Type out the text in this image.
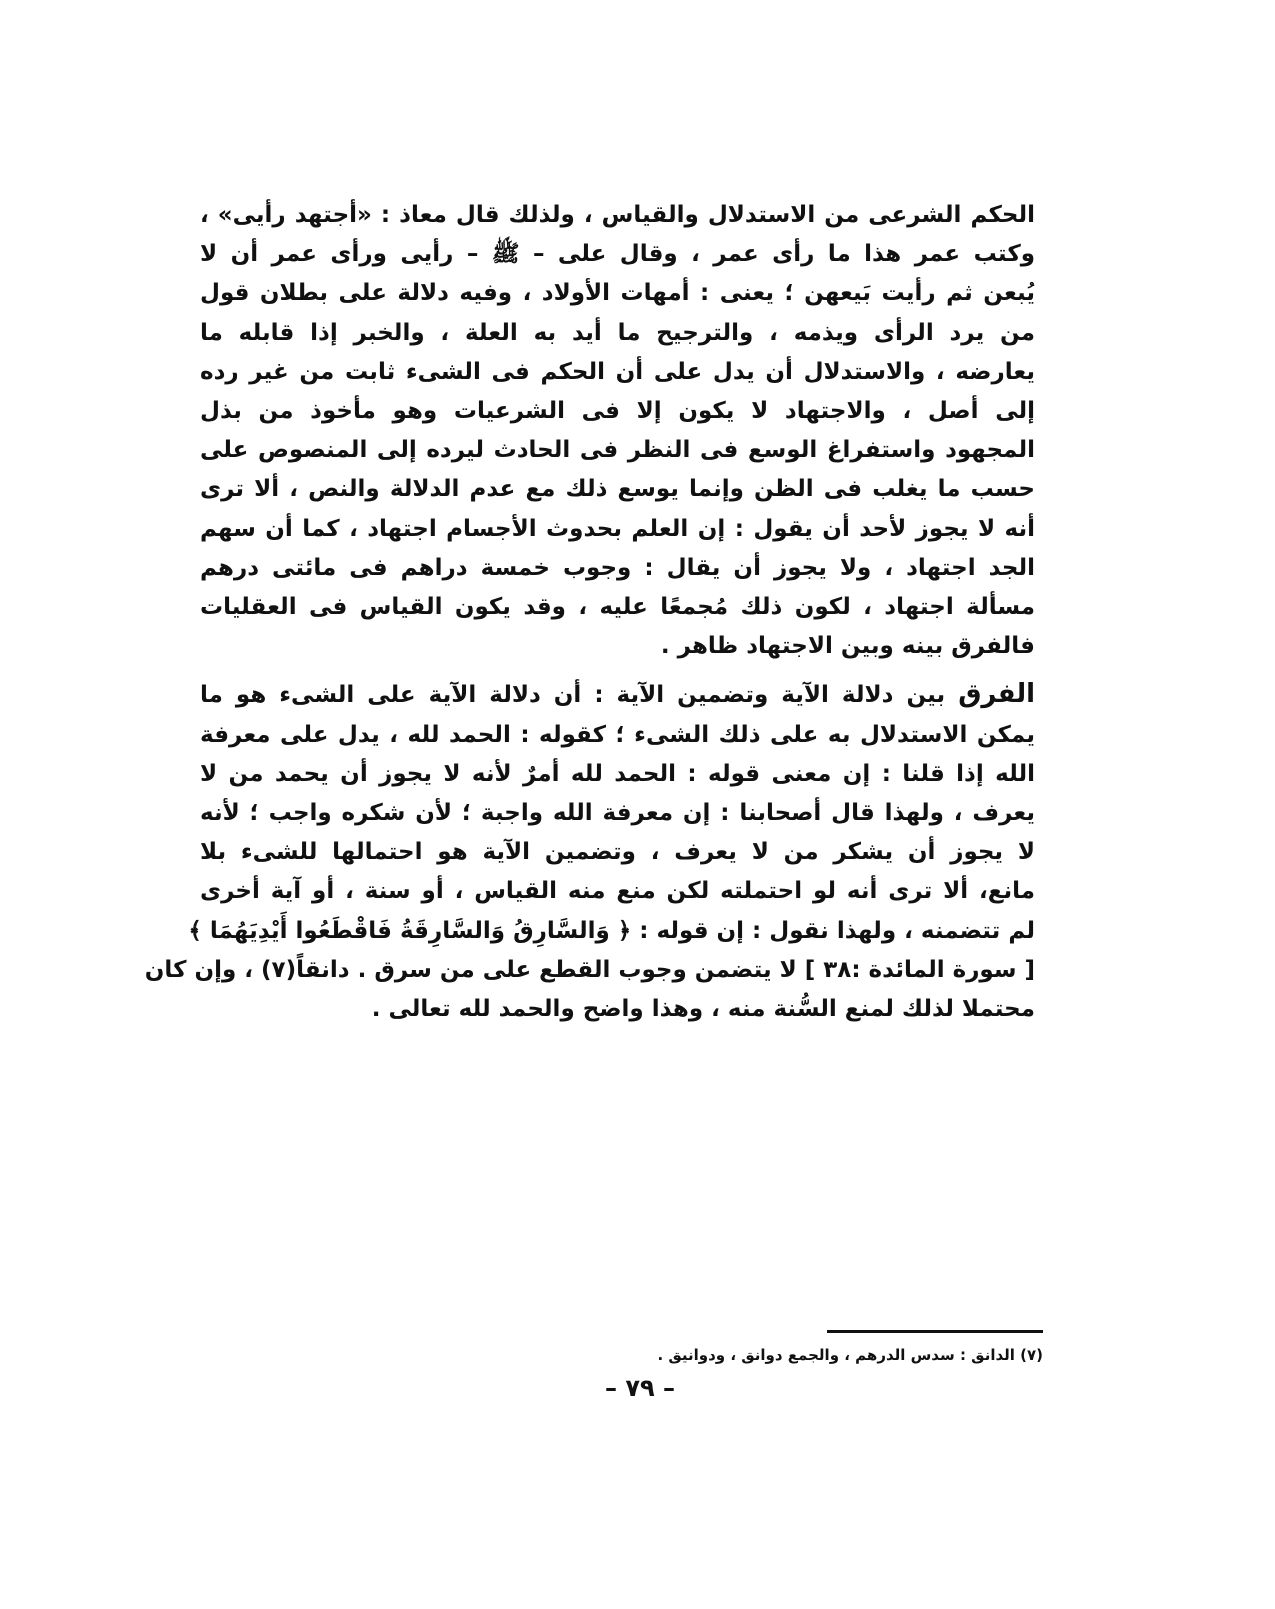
الحكم الشرعى من الاستدلال والقياس ، ولذلك قال معاذ : «أجتهد رأيى» ،
وكتب عمر هذا ما رأى عمر ، وقال على – ﷺ – رأيى ورأى عمر أن لا
يُبعن ثم رأيت بَيعهن ؛ يعنى : أمهات الأولاد ، وفيه دلالة على بطلان قول
من يرد الرأى ويذمه ، والترجيح ما أيد به العلة ، والخبر إذا قابله ما
يعارضه ، والاستدلال أن يدل على أن الحكم فى الشىء ثابت من غير رده
إلى أصل ، والاجتهاد لا يكون إلا فى الشرعيات وهو مأخوذ من بذل
المجهود واستفراغ الوسع فى النظر فى الحادث ليرده إلى المنصوص على
حسب ما يغلب فى الظن وإنما يوسع ذلك مع عدم الدلالة والنص ، ألا ترى
أنه لا يجوز لأحد أن يقول : إن العلم بحدوث الأجسام اجتهاد ، كما أن سهم
الجد اجتهاد ، ولا يجوز أن يقال : وجوب خمسة دراهم فى مائتى درهم
مسألة اجتهاد ، لكون ذلك مُجمعًا عليه ، وقد يكون القياس فى العقليات
فالفرق بينه وبين الاجتهاد ظاهر .
الفرق بين دلالة الآية وتضمين الآية : أن دلالة الآية على الشىء هو ما
يمكن الاستدلال به على ذلك الشىء ؛ كقوله : الحمد لله ، يدل على معرفة
الله إذا قلنا : إن معنى قوله : الحمد لله أمرٌ لأنه لا يجوز أن يحمد من لا
يعرف ، ولهذا قال أصحابنا : إن معرفة الله واجبة ؛ لأن شكره واجب ؛ لأنه
لا يجوز أن يشكر من لا يعرف ، وتضمين الآية هو احتمالها للشىء بلا
مانع، ألا ترى أنه لو احتملته لكن منع منه القياس ، أو سنة ، أو آية أخرى
لم تتضمنه ، ولهذا نقول : إن قوله : ﴿ وَالسَّارِقُ وَالسَّارِقَةُ فَاقْطَعُوا أَيْدِيَهُمَا ﴾
[ سورة المائدة :٣٨ ] لا يتضمن وجوب القطع على من سرق . دانقاً(٧) ، وإن كان
محتملا لذلك لمنع السُّنة منه ، وهذا واضح والحمد لله تعالى .
(٧) الدانق : سدس الدرهم ، والجمع دوانق ، ودوانيق .
– ٧٩ –
